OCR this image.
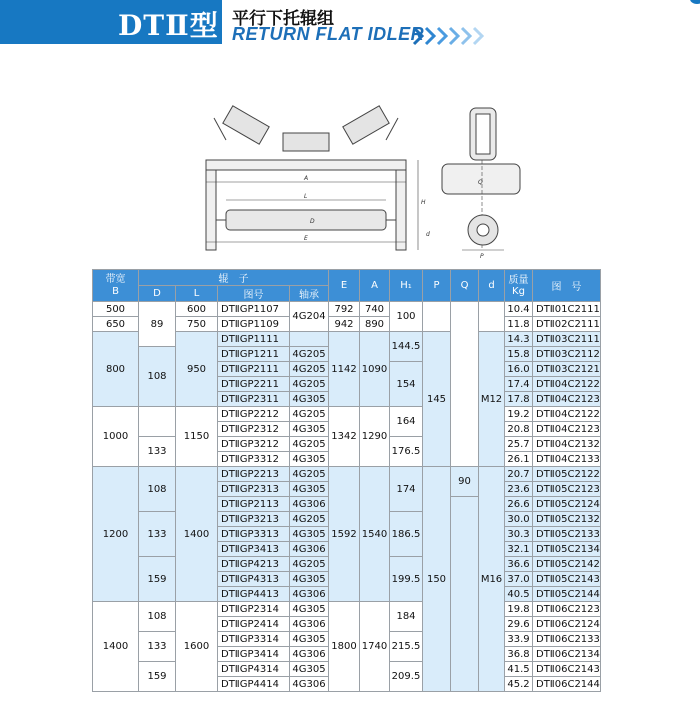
DTⅡ型 平行下托辊组
RETURN FLAT IDLER
A
L
D
E
H
Q
P
d
带宽
B	辊　子				E	A	H₁	P	Q	d	质量
Kg	图　号
	D	L	图号	轴承								
500	89	600	DTⅡGP1107	4G204	792	740	100				10.4	DTⅡ01C2111
650		750	DTⅡGP1109		942	890					11.8	DTⅡ02C2111
800		950	DTⅡGP1111		1142	1090	144.5	145		M12	14.3	DTⅡ03C2111
	108		DTⅡGP1211	4G205							15.8	DTⅡ03C2112
			DTⅡGP2111	4G205			154				16.0	DTⅡ03C2121
			DTⅡGP2211	4G205							17.4	DTⅡ04C2122
			DTⅡGP2311	4G305							17.8	DTⅡ04C2123
1000		1150	DTⅡGP2212	4G205	1342	1290	164				19.2	DTⅡ04C2122
			DTⅡGP2312	4G305							20.8	DTⅡ04C2123
	133		DTⅡGP3212	4G205			176.5				25.7	DTⅡ04C2132
			DTⅡGP3312	4G305							26.1	DTⅡ04C2133
1200	108	1400	DTⅡGP2213	4G205	1592	1540	174	150	90	M16	20.7	DTⅡ05C2122
			DTⅡGP2313	4G305							23.6	DTⅡ05C2123
			DTⅡGP2113	4G306							26.6	DTⅡ05C2124
	133		DTⅡGP3213	4G205			186.5				30.0	DTⅡ05C2132
			DTⅡGP3313	4G305							30.3	DTⅡ05C2133
			DTⅡGP3413	4G306							32.1	DTⅡ05C2134
	159		DTⅡGP4213	4G205			199.5				36.6	DTⅡ05C2142
			DTⅡGP4313	4G305							37.0	DTⅡ05C2143
			DTⅡGP4413	4G306							40.5	DTⅡ05C2144
1400	108	1600	DTⅡGP2314	4G305	1800	1740	184				19.8	DTⅡ06C2123
			DTⅡGP2414	4G306							29.6	DTⅡ06C2124
	133		DTⅡGP3314	4G305			215.5				33.9	DTⅡ06C2133
			DTⅡGP3414	4G306							36.8	DTⅡ06C2134
	159		DTⅡGP4314	4G305			209.5				41.5	DTⅡ06C2143
			DTⅡGP4414	4G306							45.2	DTⅡ06C2144
